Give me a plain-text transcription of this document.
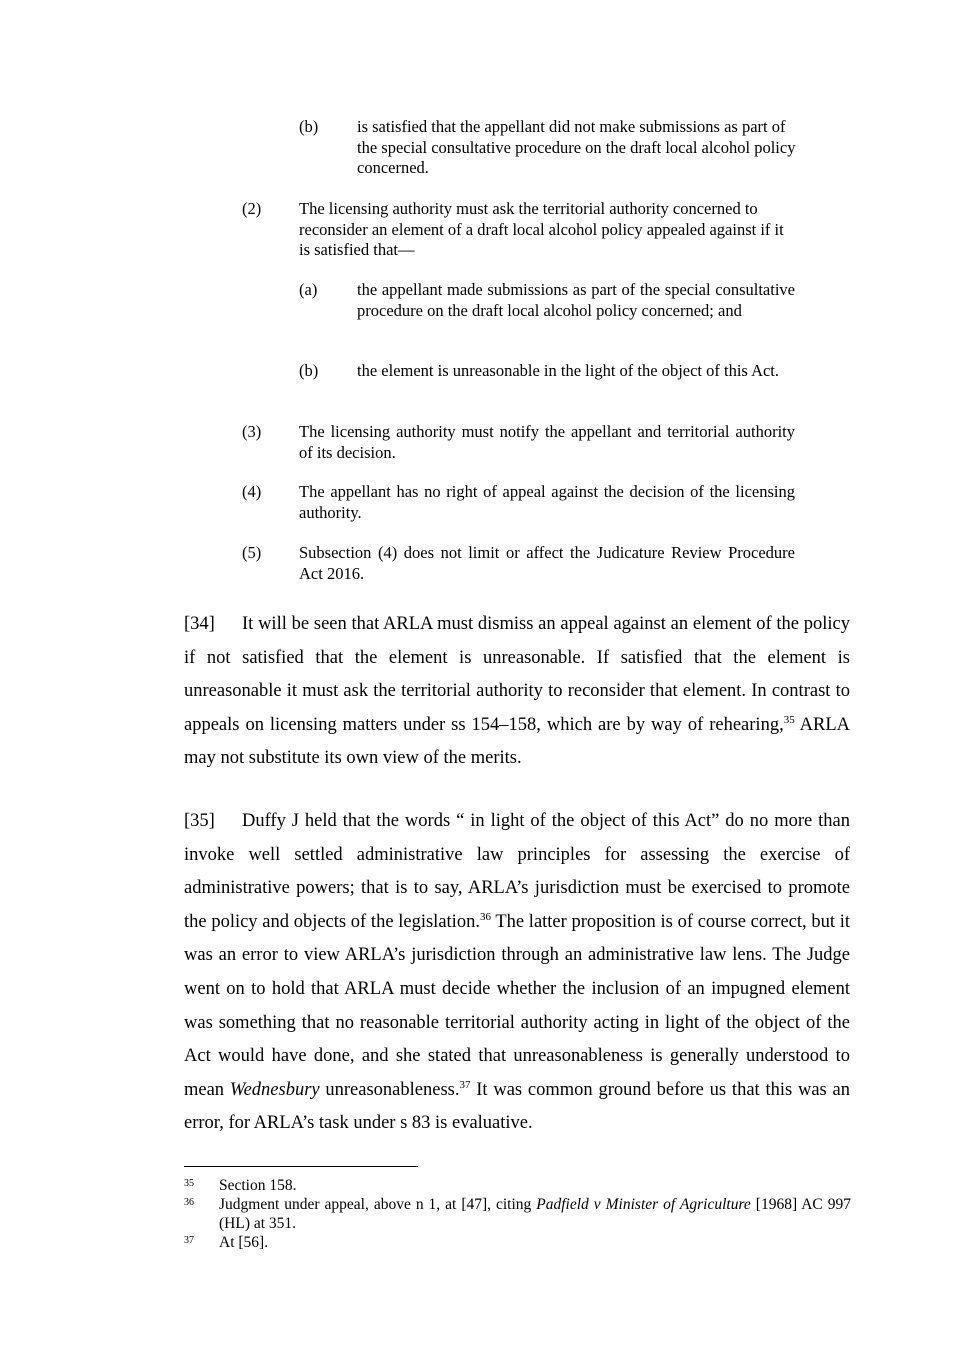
(b) is satisfied that the appellant did not make submissions as part of the special consultative procedure on the draft local alcohol policy concerned.
(2) The licensing authority must ask the territorial authority concerned to reconsider an element of a draft local alcohol policy appealed against if it is satisfied that—
(a) the appellant made submissions as part of the special consultative procedure on the draft local alcohol policy concerned; and
(b) the element is unreasonable in the light of the object of this Act.
(3) The licensing authority must notify the appellant and territorial authority of its decision.
(4) The appellant has no right of appeal against the decision of the licensing authority.
(5) Subsection (4) does not limit or affect the Judicature Review Procedure Act 2016.
[34] It will be seen that ARLA must dismiss an appeal against an element of the policy if not satisfied that the element is unreasonable. If satisfied that the element is unreasonable it must ask the territorial authority to reconsider that element. In contrast to appeals on licensing matters under ss 154–158, which are by way of rehearing,$^{35}$ ARLA may not substitute its own view of the merits.
[35] Duffy J held that the words “ in light of the object of this Act” do no more than invoke well settled administrative law principles for assessing the exercise of administrative powers; that is to say, ARLA’s jurisdiction must be exercised to promote the policy and objects of the legislation.$^{36}$ The latter proposition is of course correct, but it was an error to view ARLA’s jurisdiction through an administrative law lens. The Judge went on to hold that ARLA must decide whether the inclusion of an impugned element was something that no reasonable territorial authority acting in light of the object of the Act would have done, and she stated that unreasonableness is generally understood to mean Wednesbury unreasonableness.$^{37}$ It was common ground before us that this was an error, for ARLA’s task under s 83 is evaluative.
35 Section 158.
36 Judgment under appeal, above n 1, at [47], citing Padfield v Minister of Agriculture [1968] AC 997 (HL) at 351.
37 At [56].
